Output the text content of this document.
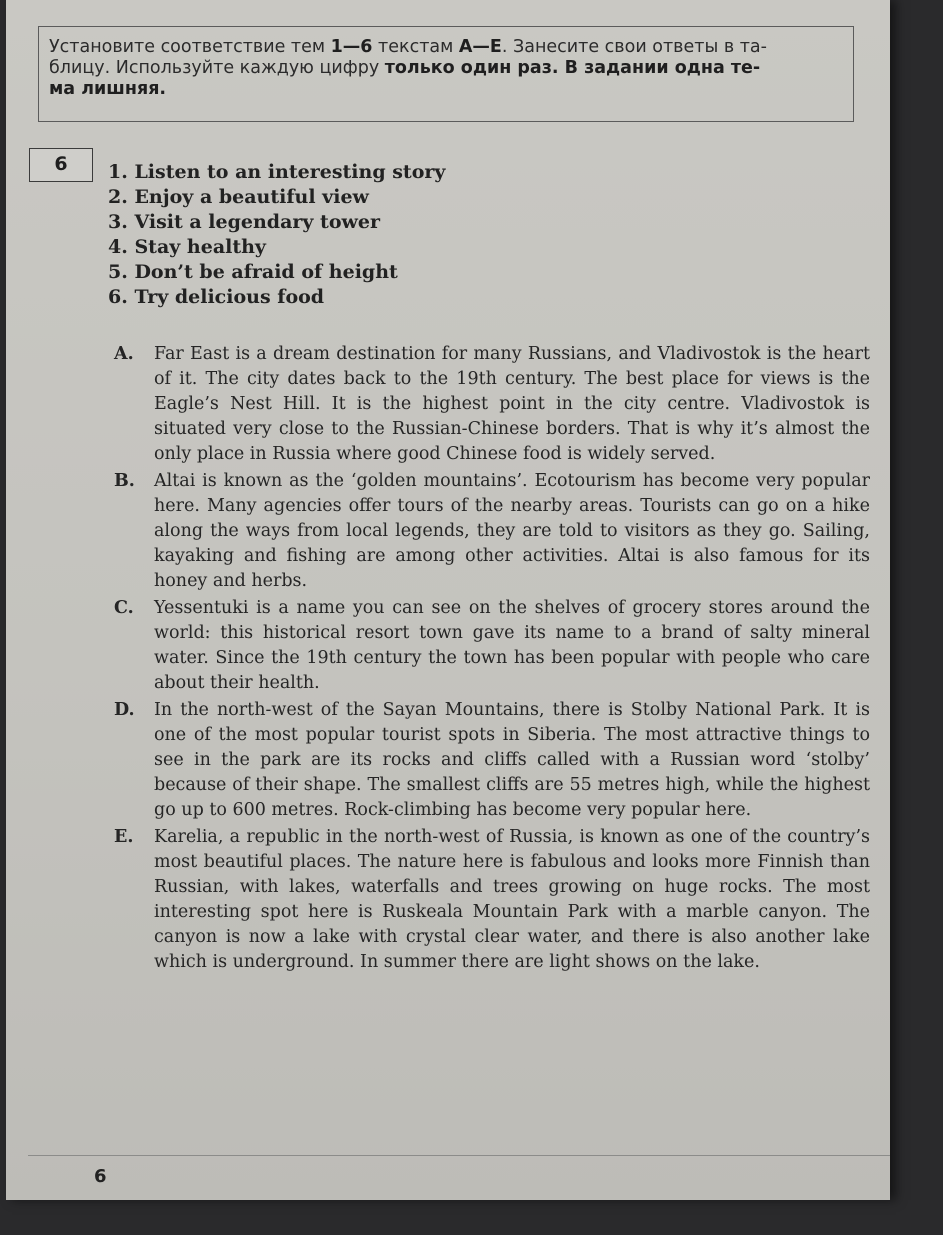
Установите соответствие тем 1—6 текстам А—Е. Занесите свои ответы в та-
блицу. Используйте каждую цифру только один раз. В задании одна те-
ма лишняя.
6	1. Listen to an interesting story
2. Enjoy a beautiful view
3. Visit a legendary tower
4. Stay healthy
5. Don’t be afraid of height
6. Try delicious food
A.	Far East is a dream destination for many Russians, and Vladivostok is the heart of it. The city dates back to the 19th century. The best place for views is the Eagle’s Nest Hill. It is the highest point in the city centre. Vladivostok is situated very close to the Russian-Chinese borders. That is why it’s almost the only place in Russia where good Chinese food is widely served.
B.	Altai is known as the ‘golden mountains’. Ecotourism has become very popular here. Many agencies offer tours of the nearby areas. Tourists can go on a hike along the ways from local legends, they are told to visitors as they go. Sailing, kayaking and fishing are among other activities. Altai is also famous for its honey and herbs.
C.	Yessentuki is a name you can see on the shelves of grocery stores around the world: this historical resort town gave its name to a brand of salty mineral water. Since the 19th century the town has been popular with people who care about their health.
D.	In the north-west of the Sayan Mountains, there is Stolby National Park. It is one of the most popular tourist spots in Siberia. The most attractive things to see in the park are its rocks and cliffs called with a Russian word ‘stolby’ because of their shape. The smallest cliffs are 55 metres high, while the highest go up to 600 metres. Rock-climbing has become very popular here.
E.	Karelia, a republic in the north-west of Russia, is known as one of the country’s most beautiful places. The nature here is fabulous and looks more Finnish than Russian, with lakes, waterfalls and trees growing on huge rocks. The most interesting spot here is Ruskeala Mountain Park with a marble canyon. The canyon is now a lake with crystal clear water, and there is also another lake which is underground. In summer there are light shows on the lake.
6
